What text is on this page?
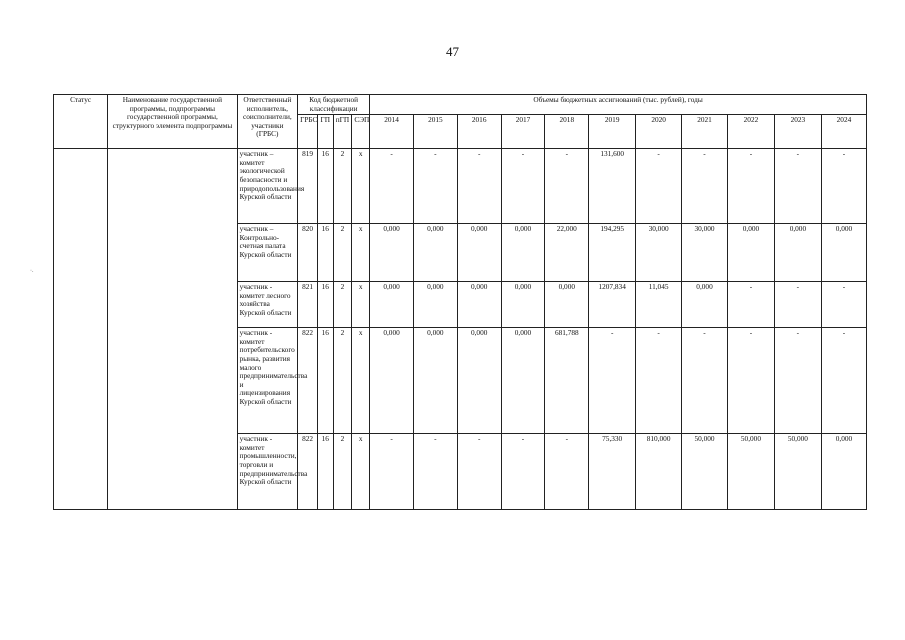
47
·.
Статус	Наименование государственной программы, подпрограммы государственной программы, структурного элемента подпрограммы	Ответственный исполнитель, соисполнители, участники (ГРБС)	Код бюджетной классификации				Объемы бюджетных ассигнований (тыс. рублей), годы										
			ГРБС	ГП	пГП	СЭП	2014	2015	2016	2017	2018	2019	2020	2021	2022	2023	2024
		участник – комитет экологической безопасности и природопользования Курской области	819	16	2	х	-	-	-	-	-	131,600	-	-	-	-	-
		участник – Контрольно-счетная палата Курской области	820	16	2	х	0,000	0,000	0,000	0,000	22,000	194,295	30,000	30,000	0,000	0,000	0,000
		участник - комитет лесного хозяйства Курской области	821	16	2	х	0,000	0,000	0,000	0,000	0,000	1207,834	11,045	0,000	-	-	-
		участник - комитет потребительского рынка, развития малого предпринимательства и лицензирования Курской области	822	16	2	х	0,000	0,000	0,000	0,000	681,788	-	-	-	-	-	-
		участник - комитет промышленности, торговли и предпринимательства Курской области	822	16	2	х	-	-	-	-	-	75,330	810,000	50,000	50,000	50,000	0,000
